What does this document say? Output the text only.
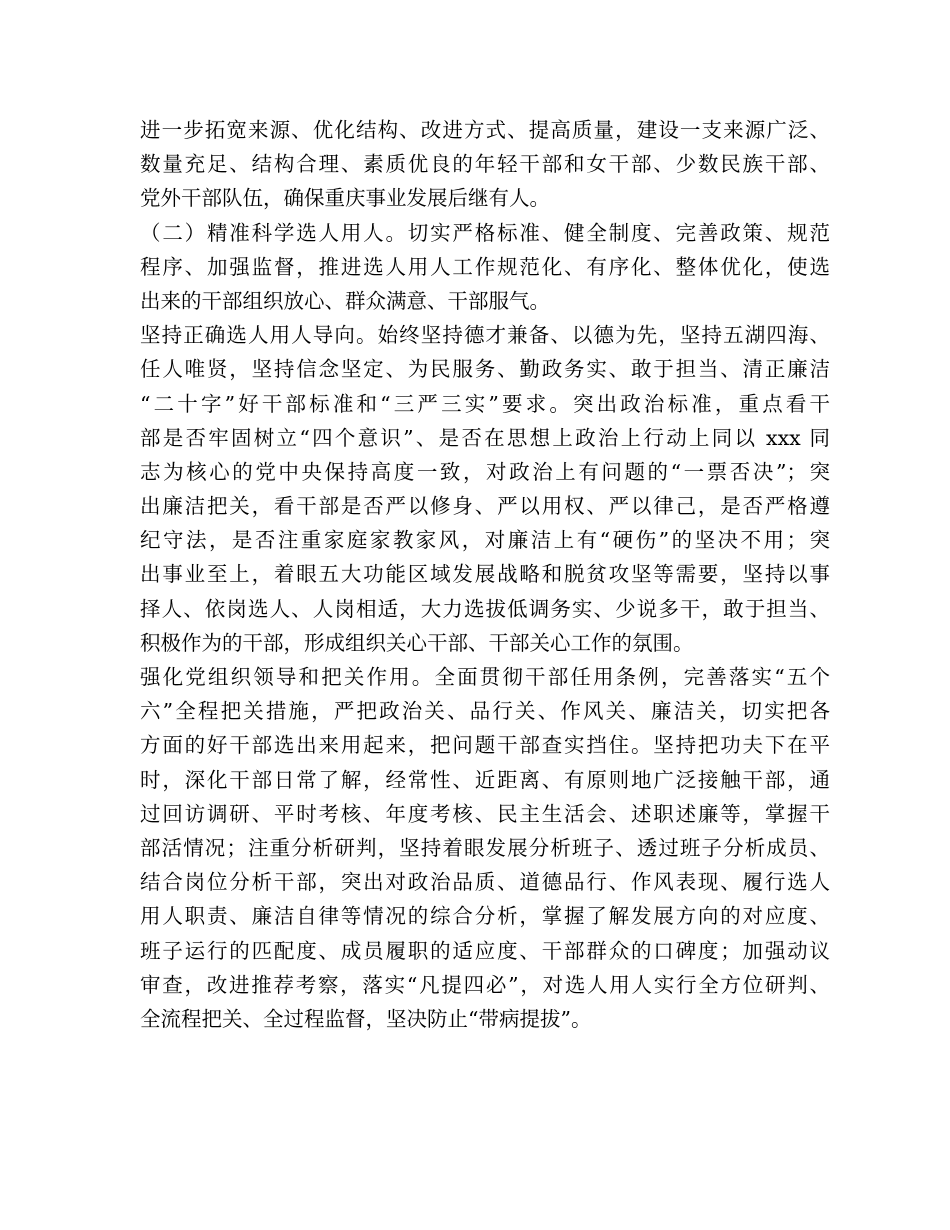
进一步拓宽来源、优化结构、改进方式、提高质量，建设一支来源广泛、
数量充足、结构合理、素质优良的年轻干部和女干部、少数民族干部、
党外干部队伍，确保重庆事业发展后继有人。
（二）精准科学选人用人。切实严格标准、健全制度、完善政策、规范
程序、加强监督，推进选人用人工作规范化、有序化、整体优化，使选
出来的干部组织放心、群众满意、干部服气。
坚持正确选人用人导向。始终坚持德才兼备、以德为先，坚持五湖四海、
任人唯贤，坚持信念坚定、为民服务、勤政务实、敢于担当、清正廉洁
“二十字”好干部标准和“三严三实”要求。突出政治标准，重点看干
部是否牢固树立“四个意识”、是否在思想上政治上行动上同以 xxx 同
志为核心的党中央保持高度一致，对政治上有问题的“一票否决”；突
出廉洁把关，看干部是否严以修身、严以用权、严以律己，是否严格遵
纪守法，是否注重家庭家教家风，对廉洁上有“硬伤”的坚决不用；突
出事业至上，着眼五大功能区域发展战略和脱贫攻坚等需要，坚持以事
择人、依岗选人、人岗相适，大力选拔低调务实、少说多干，敢于担当、
积极作为的干部，形成组织关心干部、干部关心工作的氛围。
强化党组织领导和把关作用。全面贯彻干部任用条例，完善落实“五个
六”全程把关措施，严把政治关、品行关、作风关、廉洁关，切实把各
方面的好干部选出来用起来，把问题干部查实挡住。坚持把功夫下在平
时，深化干部日常了解，经常性、近距离、有原则地广泛接触干部，通
过回访调研、平时考核、年度考核、民主生活会、述职述廉等，掌握干
部活情况；注重分析研判，坚持着眼发展分析班子、透过班子分析成员、
结合岗位分析干部，突出对政治品质、道德品行、作风表现、履行选人
用人职责、廉洁自律等情况的综合分析，掌握了解发展方向的对应度、
班子运行的匹配度、成员履职的适应度、干部群众的口碑度；加强动议
审查，改进推荐考察，落实“凡提四必”，对选人用人实行全方位研判、
全流程把关、全过程监督，坚决防止“带病提拔”。
